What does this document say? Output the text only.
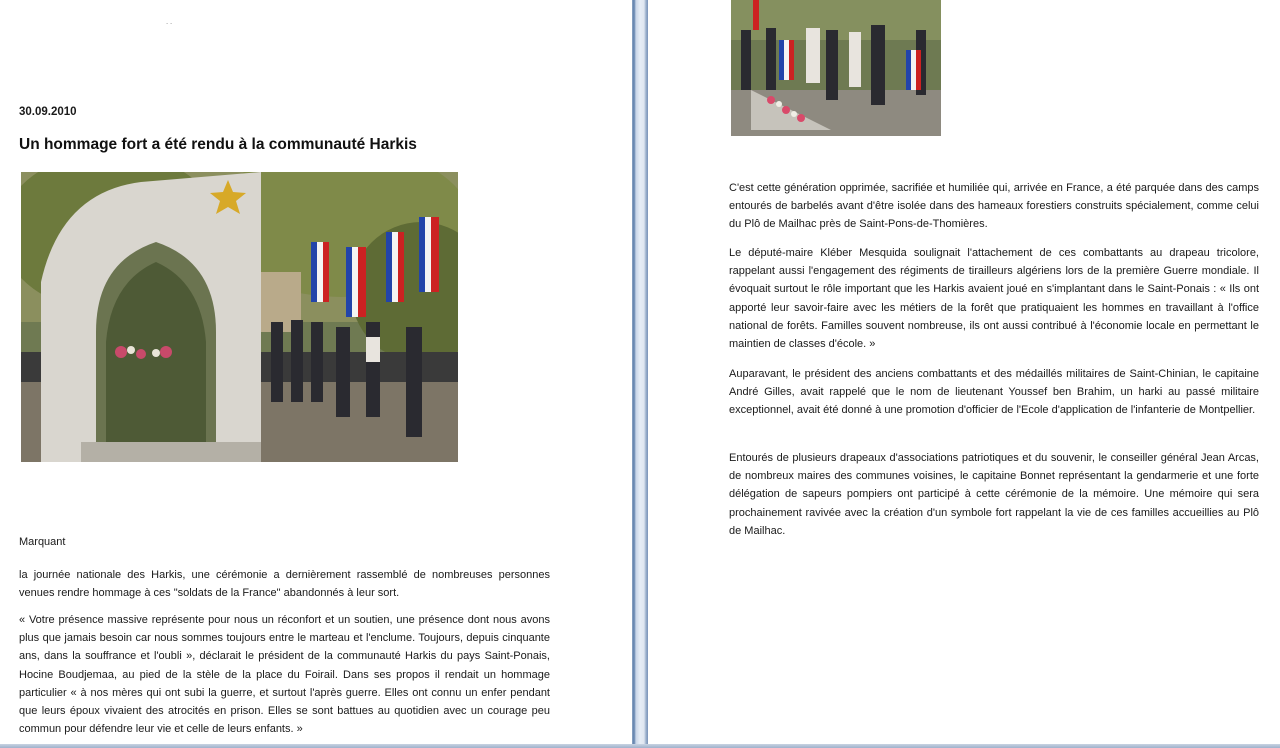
˙˙
30.09.2010
Un hommage fort a été rendu à la communauté Harkis
Marquant

la journée nationale des Harkis, une cérémonie a dernièrement rassemblé de nombreuses personnes venues rendre hommage à ces "soldats de la France" abandonnés à leur sort.

« Votre présence massive représente pour nous un réconfort et un soutien, une présence dont nous avons plus que jamais besoin car nous sommes toujours entre le marteau et l'enclume. Toujours, depuis cinquante ans, dans la souffrance et l'oubli », déclarait le président de la communauté Harkis du pays Saint-Ponais, Hocine Boudjemaa, au pied de la stèle de la place du Foirail. Dans ses propos il rendait un hommage particulier « à nos mères qui ont subi la guerre, et surtout l'après guerre. Elles ont connu un enfer pendant que leurs époux vivaient des atrocités en prison. Elles se sont battues au quotidien avec un courage peu commun pour défendre leur vie et celle de leurs enfants. »

C'est cette génération opprimée, sacrifiée et humiliée qui, arrivée en France, a été parquée dans des camps entourés de barbelés avant d'être isolée dans des hameaux forestiers construits spécialement, comme celui du Plô de Mailhac près de Saint-Pons-de-Thomières.

Le député-maire Kléber Mesquida soulignait l'attachement de ces combattants au drapeau tricolore, rappelant aussi l'engagement des régiments de tirailleurs algériens lors de la première Guerre mondiale. Il évoquait surtout le rôle important que les Harkis avaient joué en s'implantant dans le Saint-Ponais : « Ils ont apporté leur savoir-faire avec les métiers de la forêt que pratiquaient les hommes en travaillant à l'office national de forêts. Familles souvent nombreuse, ils ont aussi contribué à l'économie locale en permettant le maintien de classes d'école. »

Auparavant, le président des anciens combattants et des médaillés militaires de Saint-Chinian, le capitaine André Gilles, avait rappelé que le nom de lieutenant Youssef ben Brahim, un harki au passé militaire exceptionnel, avait été donné à une promotion d'officier de l'Ecole d'application de l'infanterie de Montpellier.

Entourés de plusieurs drapeaux d'associations patriotiques et du souvenir, le conseiller général Jean Arcas, de nombreux maires des communes voisines, le capitaine Bonnet représentant la gendarmerie et une forte délégation de sapeurs pompiers ont participé à cette cérémonie de la mémoire. Une mémoire qui sera prochainement ravivée avec la création d'un symbole fort rappelant la vie de ces familles accueillies au Plô de Mailhac.
